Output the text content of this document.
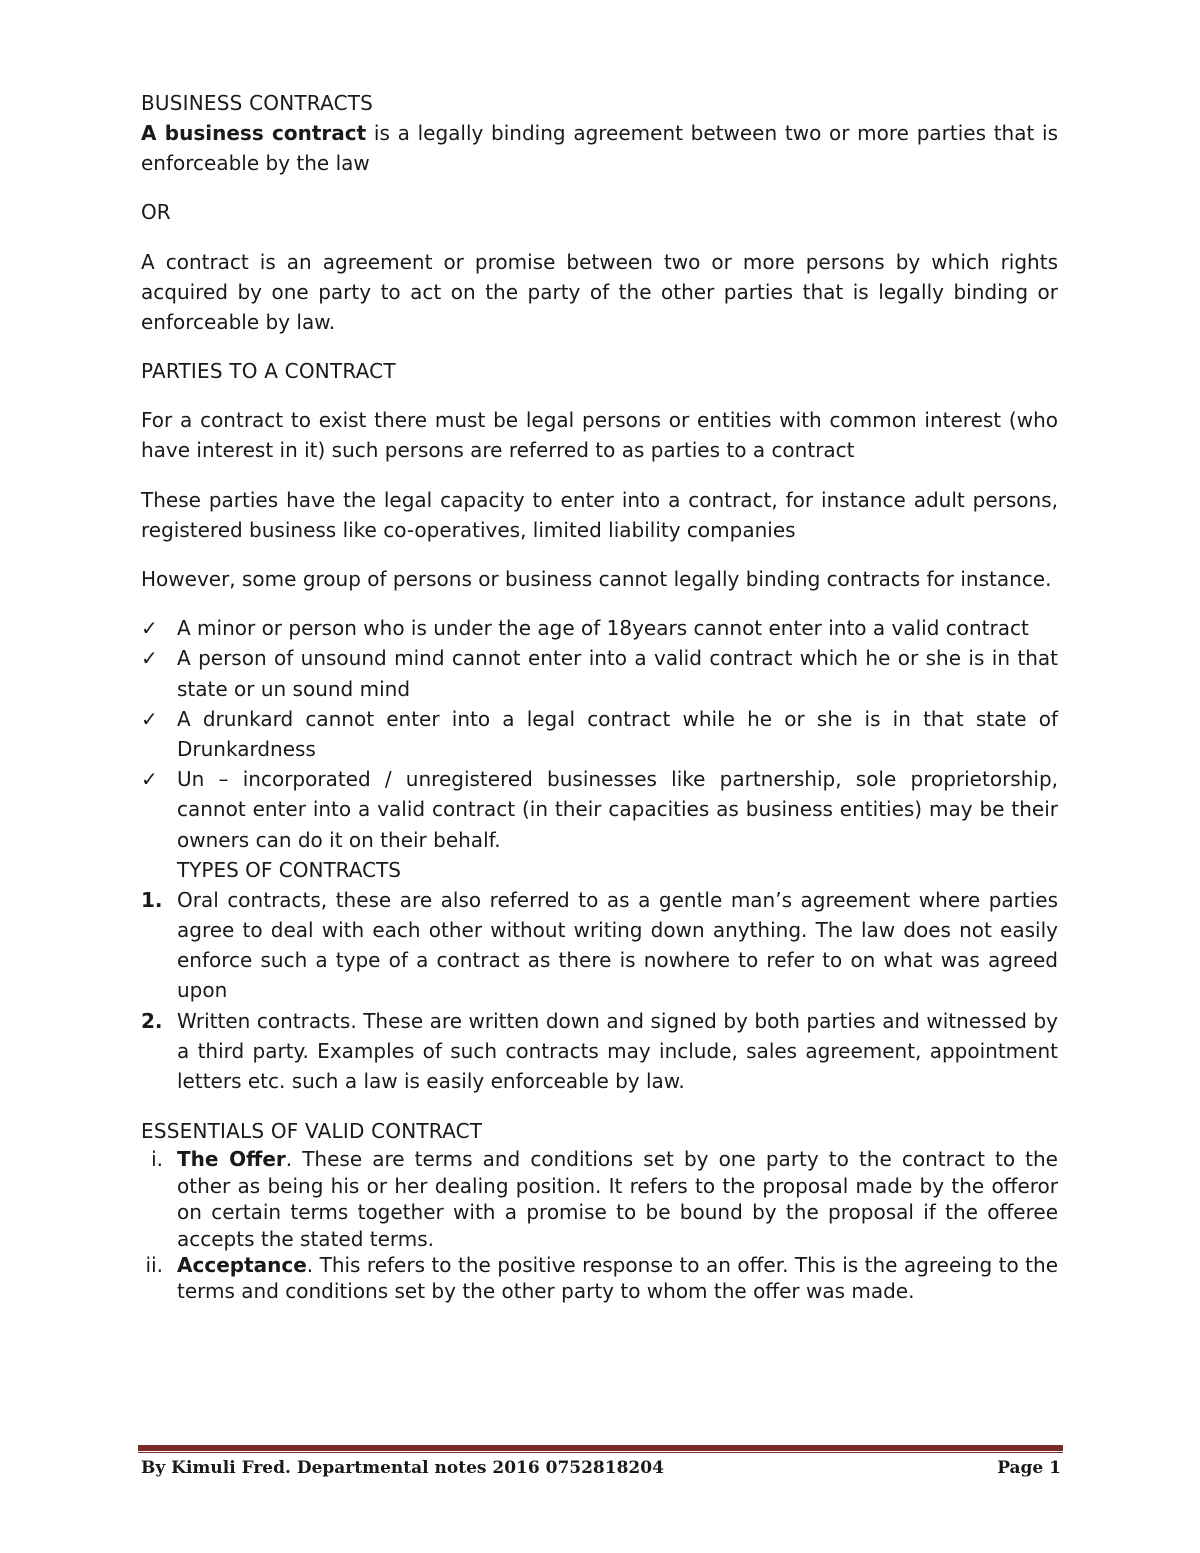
BUSINESS CONTRACTS

A business contract is a legally binding agreement between two or more parties that is enforceable by the law

OR

A contract is an agreement or promise between two or more persons by which rights acquired by one party to act on the party of the other parties that is legally binding or enforceable by law.

PARTIES TO A CONTRACT

For a contract to exist there must be legal persons or entities with common interest (who have interest in it) such persons are referred to as parties to a contract

These parties have the legal capacity to enter into a contract, for instance adult persons, registered business like co-operatives, limited liability companies

However, some group of persons or business cannot legally binding contracts for instance.

✓ A minor or person who is under the age of 18years cannot enter into a valid contract
✓ A person of unsound mind cannot enter into a valid contract which he or she is in that state or un sound mind
✓ A drunkard cannot enter into a legal contract while he or she is in that state of Drunkardness
✓ Un – incorporated / unregistered businesses like partnership, sole proprietorship, cannot enter into a valid contract (in their capacities as business entities) may be their owners can do it on their behalf.

TYPES OF CONTRACTS

1. Oral contracts, these are also referred to as a gentle man’s agreement where parties agree to deal with each other without writing down anything. The law does not easily enforce such a type of a contract as there is nowhere to refer to on what was agreed upon
2. Written contracts. These are written down and signed by both parties and witnessed by a third party. Examples of such contracts may include, sales agreement, appointment letters etc. such a law is easily enforceable by law.

ESSENTIALS OF VALID CONTRACT

i. The Offer. These are terms and conditions set by one party to the contract to the other as being his or her dealing position. It refers to the proposal made by the offeror on certain terms together with a promise to be bound by the proposal if the offeree accepts the stated terms.
ii. Acceptance. This refers to the positive response to an offer. This is the agreeing to the terms and conditions set by the other party to whom the offer was made.
By Kimuli Fred. Departmental notes 2016 0752818204	Page 1
